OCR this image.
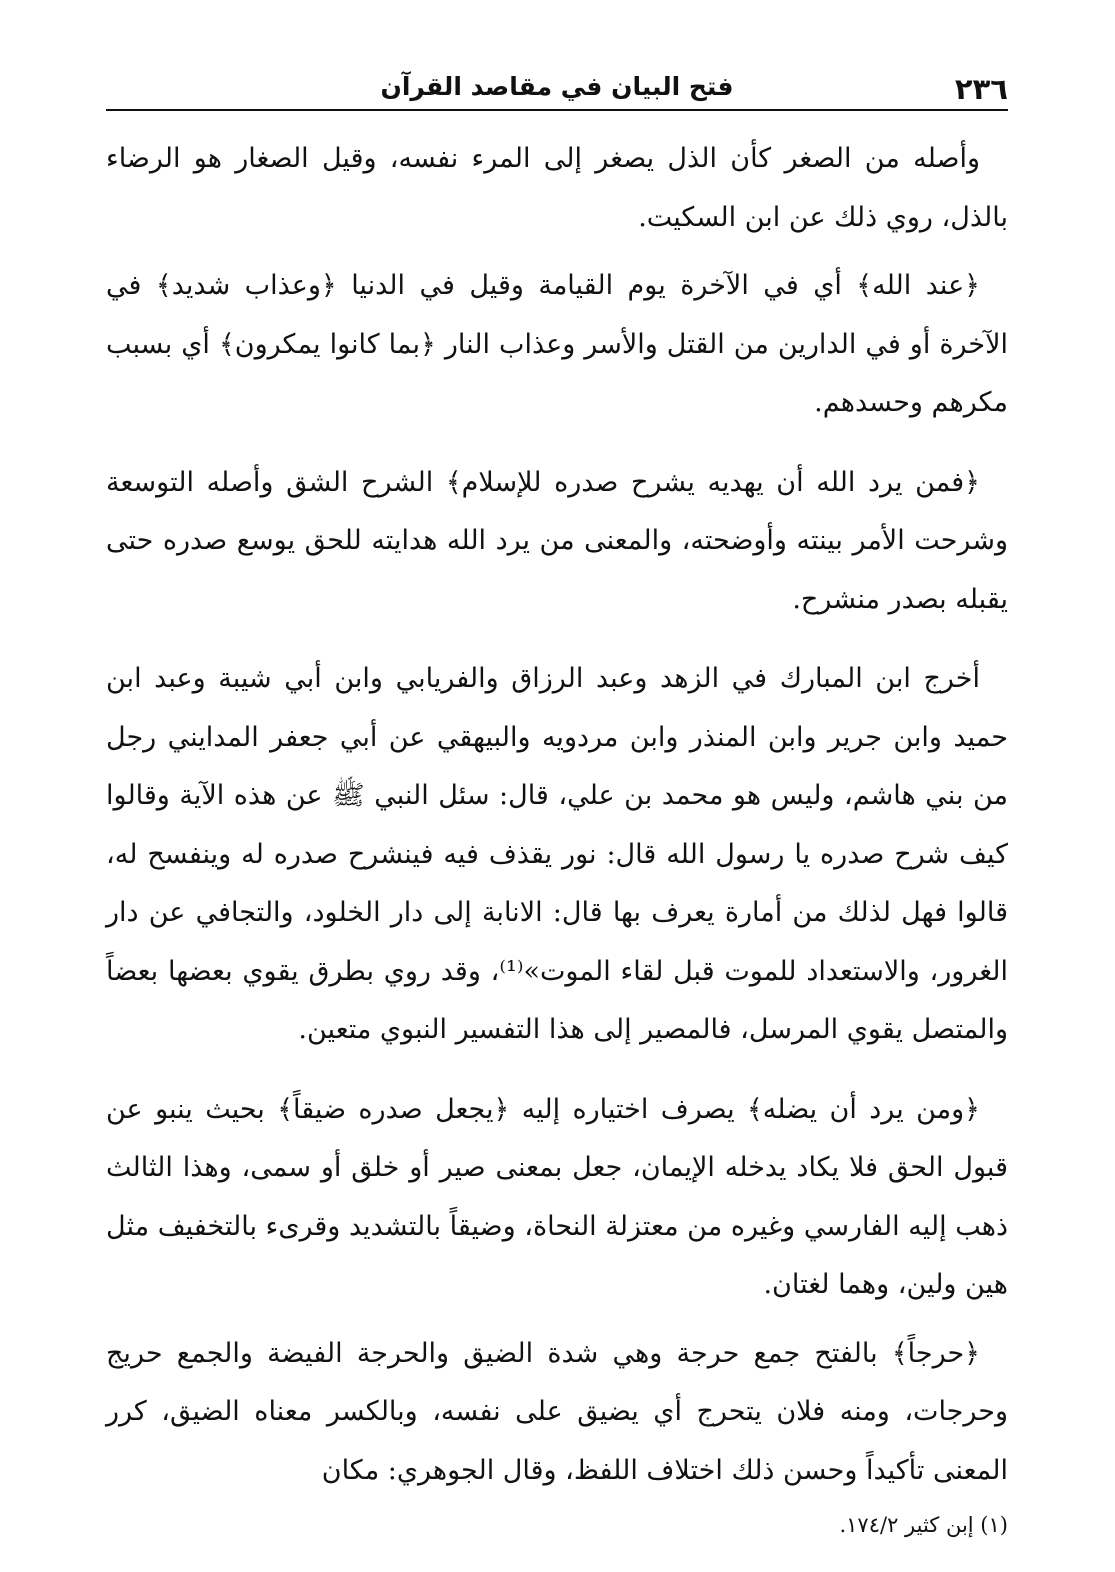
٢٣٦
فتح البيان في مقاصد القرآن

وأصله من الصغر كأن الذل يصغر إلى المرء نفسه، وقيل الصغار هو الرضاء بالذل، روي ذلك عن ابن السكيت.

﴿عند الله﴾ أي في الآخرة يوم القيامة وقيل في الدنيا ﴿وعذاب شديد﴾ في الآخرة أو في الدارين من القتل والأسر وعذاب النار ﴿بما كانوا يمكرون﴾ أي بسبب مكرهم وحسدهم.

﴿فمن يرد الله أن يهديه يشرح صدره للإسلام﴾ الشرح الشق وأصله التوسعة وشرحت الأمر بينته وأوضحته، والمعنى من يرد الله هدايته للحق يوسع صدره حتى يقبله بصدر منشرح.

أخرج ابن المبارك في الزهد وعبد الرزاق والفريابي وابن أبي شيبة وعبد ابن حميد وابن جرير وابن المنذر وابن مردويه والبيهقي عن أبي جعفر المدايني رجل من بني هاشم، وليس هو محمد بن علي، قال: سئل النبي ﷺ عن هذه الآية وقالوا كيف شرح صدره يا رسول الله قال: نور يقذف فيه فينشرح صدره له وينفسح له، قالوا فهل لذلك من أمارة يعرف بها قال: الانابة إلى دار الخلود، والتجافي عن دار الغرور، والاستعداد للموت قبل لقاء الموت»⁽¹⁾، وقد روي بطرق يقوي بعضها بعضاً والمتصل يقوي المرسل، فالمصير إلى هذا التفسير النبوي متعين.

﴿ومن يرد أن يضله﴾ يصرف اختياره إليه ﴿يجعل صدره ضيقاً﴾ بحيث ينبو عن قبول الحق فلا يكاد يدخله الإيمان، جعل بمعنى صير أو خلق أو سمى، وهذا الثالث ذهب إليه الفارسي وغيره من معتزلة النحاة، وضيقاً بالتشديد وقرىء بالتخفيف مثل هين ولين، وهما لغتان.

﴿حرجاً﴾ بالفتح جمع حرجة وهي شدة الضيق والحرجة الفيضة والجمع حريج وحرجات، ومنه فلان يتحرج أي يضيق على نفسه، وبالكسر معناه الضيق، كرر المعنى تأكيداً وحسن ذلك اختلاف اللفظ، وقال الجوهري: مكان

(١) إبن كثير ١٧٤/٢.
